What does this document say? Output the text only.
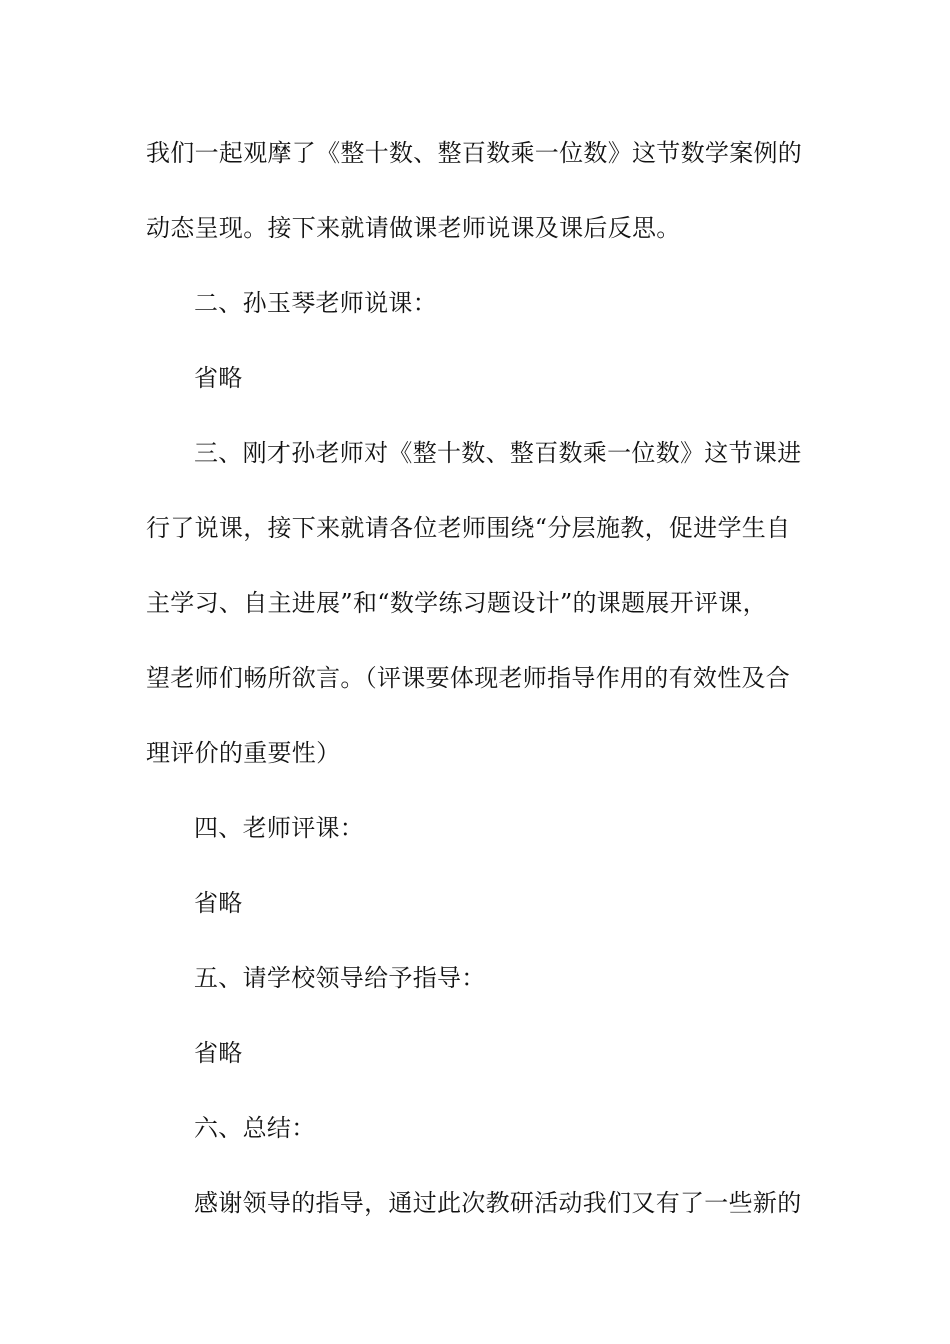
我们一起观摩了《整十数、整百数乘一位数》这节数学案例的
动态呈现。接下来就请做课老师说课及课后反思。
二、孙玉琴老师说课：
省略
三、刚才孙老师对《整十数、整百数乘一位数》这节课进
行了说课，接下来就请各位老师围绕“分层施教，促进学生自
主学习、自主进展”和“数学练习题设计”的课题展开评课，
望老师们畅所欲言。（评课要体现老师指导作用的有效性及合
理评价的重要性）
四、老师评课：
省略
五、请学校领导给予指导：
省略
六、总结：
感谢领导的指导，通过此次教研活动我们又有了一些新的
